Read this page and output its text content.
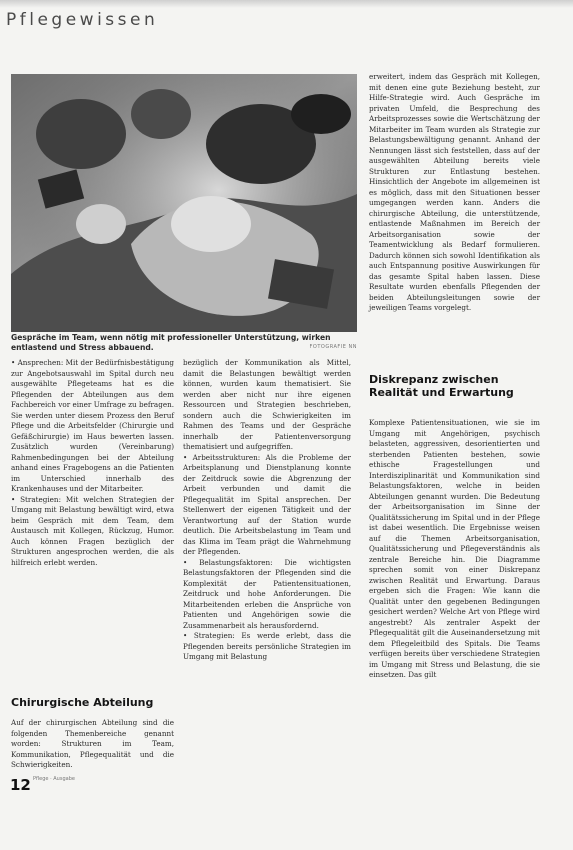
Pflegewissen
Gespräche im Team, wenn nötig mit professioneller Unterstützung, wirken entlastend und Stress abbauend.	FOTOGRAFIE NN
erweitert, indem das Gespräch mit Kollegen, mit denen eine gute Beziehung besteht, zur Hilfe-Strategie wird. Auch Gespräche im privaten Umfeld, die Besprechung des Arbeitsprozesses sowie die Wertschätzung der Mitarbeiter im Team wurden als Strategie zur Belastungsbewältigung genannt. Anhand der Nennungen lässt sich feststellen, dass auf der ausgewählten Abteilung bereits viele Strukturen zur Entlastung bestehen. Hinsichtlich der Angebote im allgemeinen ist es möglich, dass mit den Situationen besser umgegangen werden kann. Anders die chirurgische Abteilung, die unterstützende, entlastende Maßnahmen im Bereich der Arbeitsorganisation sowie der Teamentwicklung als Bedarf formulieren. Dadurch können sich sowohl Identifikation als auch Entspannung positive Auswirkungen für das gesamte Spital haben lassen. Diese Resultate wurden ebenfalls Pflegenden der beiden Abteilungsleitungen sowie der jeweiligen Teams vorgelegt.
Diskrepanz zwischen Realität und Erwartung
Komplexe Patientensituationen, wie sie im Umgang mit Angehörigen, psychisch belasteten, aggressiven, desorientierten und sterbenden Patienten bestehen, sowie ethische Fragestellungen und Interdisziplinarität und Kommunikation sind Belastungsfaktoren, welche in beiden Abteilungen genannt wurden. Die Bedeutung der Arbeitsorganisation im Sinne der Qualitätssicherung im Spital und in der Pflege ist dabei wesentlich. Die Ergebnisse weisen auf die Themen Arbeitsorganisation, Qualitätssicherung und Pflegeverständnis als zentrale Bereiche hin. Die Diagramme sprechen somit von einer Diskrepanz zwischen Realität und Erwartung. Daraus ergeben sich die Fragen: Wie kann die Qualität unter den gegebenen Bedingungen gesichert werden? Welche Art von Pflege wird angestrebt? Als zentraler Aspekt der Pflegequalität gilt die Auseinandersetzung mit dem Pflegeleitbild des Spitals. Die Teams verfügen bereits über verschiedene Strategien im Umgang mit Stress und Belastung, die sie einsetzen. Das gilt
• Ansprechen: Mit der Bedürfnisbestätigung zur Angebotsauswahl im Spital durch neu ausgewählte Pflegeteams hat es die Pflegenden der Abteilungen aus dem Fachbereich vor einer Umfrage zu befragen. Sie werden unter diesem Prozess den Beruf Pflege und die Arbeitsfelder (Chirurgie und Gefäßchirurgie) im Haus bewerten lassen. Zusätzlich wurden (Vereinbarung) Rahmenbedingungen bei der Abteilung anhand eines Fragebogens an die Patienten im Unterschied innerhalb des Krankenhauses und der Mitarbeiter.
• Strategien: Mit welchen Strategien der Umgang mit Belastung bewältigt wird, etwa beim Gespräch mit dem Team, dem Austausch mit Kollegen, Rückzug, Humor. Auch können Fragen bezüglich der Strukturen angesprochen werden, die als hilfreich erlebt werden.
bezüglich der Kommunikation als Mittel, damit die Belastungen bewältigt werden können, wurden kaum thematisiert. Sie werden aber nicht nur ihre eigenen Ressourcen und Strategien beschrieben, sondern auch die Schwierigkeiten im Rahmen des Teams und der Gespräche innerhalb der Patientenversorgung thematisiert und aufgegriffen.
• Arbeitsstrukturen: Als die Probleme der Arbeitsplanung und Dienstplanung konnte der Zeitdruck sowie die Abgrenzung der Arbeit verbunden und damit die Pflegequalität im Spital ansprechen. Der Stellenwert der eigenen Tätigkeit und der Verantwortung auf der Station wurde deutlich. Die Arbeitsbelastung im Team und das Klima im Team prägt die Wahrnehmung der Pflegenden.
• Belastungsfaktoren: Die wichtigsten Belastungsfaktoren der Pflegenden sind die Komplexität der Patientensituationen, Zeitdruck und hohe Anforderungen. Die Mitarbeitenden erleben die Ansprüche von Patienten und Angehörigen sowie die Zusammenarbeit als herausfordernd.
• Strategien: Es werde erlebt, dass die Pflegenden bereits persönliche Strategien im Umgang mit Belastung
Chirurgische Abteilung
Auf der chirurgischen Abteilung sind die folgenden Themenbereiche genannt worden: Strukturen im Team, Kommunikation, Pflegequalität und die Schwierigkeiten.
12 Pflege · Ausgabe
